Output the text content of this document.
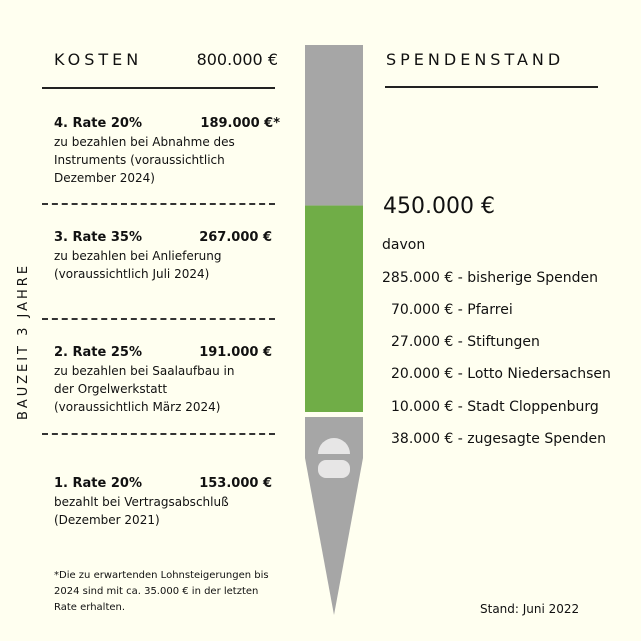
BAUZEIT 3 JAHRE
KOSTEN	800.000 €
4. Rate 20%	189.000 €*
zu bezahlen bei Abnahme des Instruments (voraussichtlich Dezember 2024)
3. Rate 35%	267.000 €
zu bezahlen bei Anlieferung (voraussichtlich Juli 2024)
2. Rate 25%	191.000 €
zu bezahlen bei Saalaufbau in der Orgelwerkstatt (voraussichtlich März 2024)
1. Rate 20%	153.000 €
bezahlt bei Vertragsabschluß (Dezember 2021)
*Die zu erwartenden Lohnsteigerungen bis 2024 sind mit ca. 35.000 € in der letzten Rate erhalten.
SPENDENSTAND
450.000 €
davon
285.000 € - bisherige Spenden
70.000 € - Pfarrei
27.000 € - Stiftungen
20.000 € - Lotto Niedersachsen
10.000 € - Stadt Cloppenburg
38.000 € - zugesagte Spenden
Stand: Juni 2022
